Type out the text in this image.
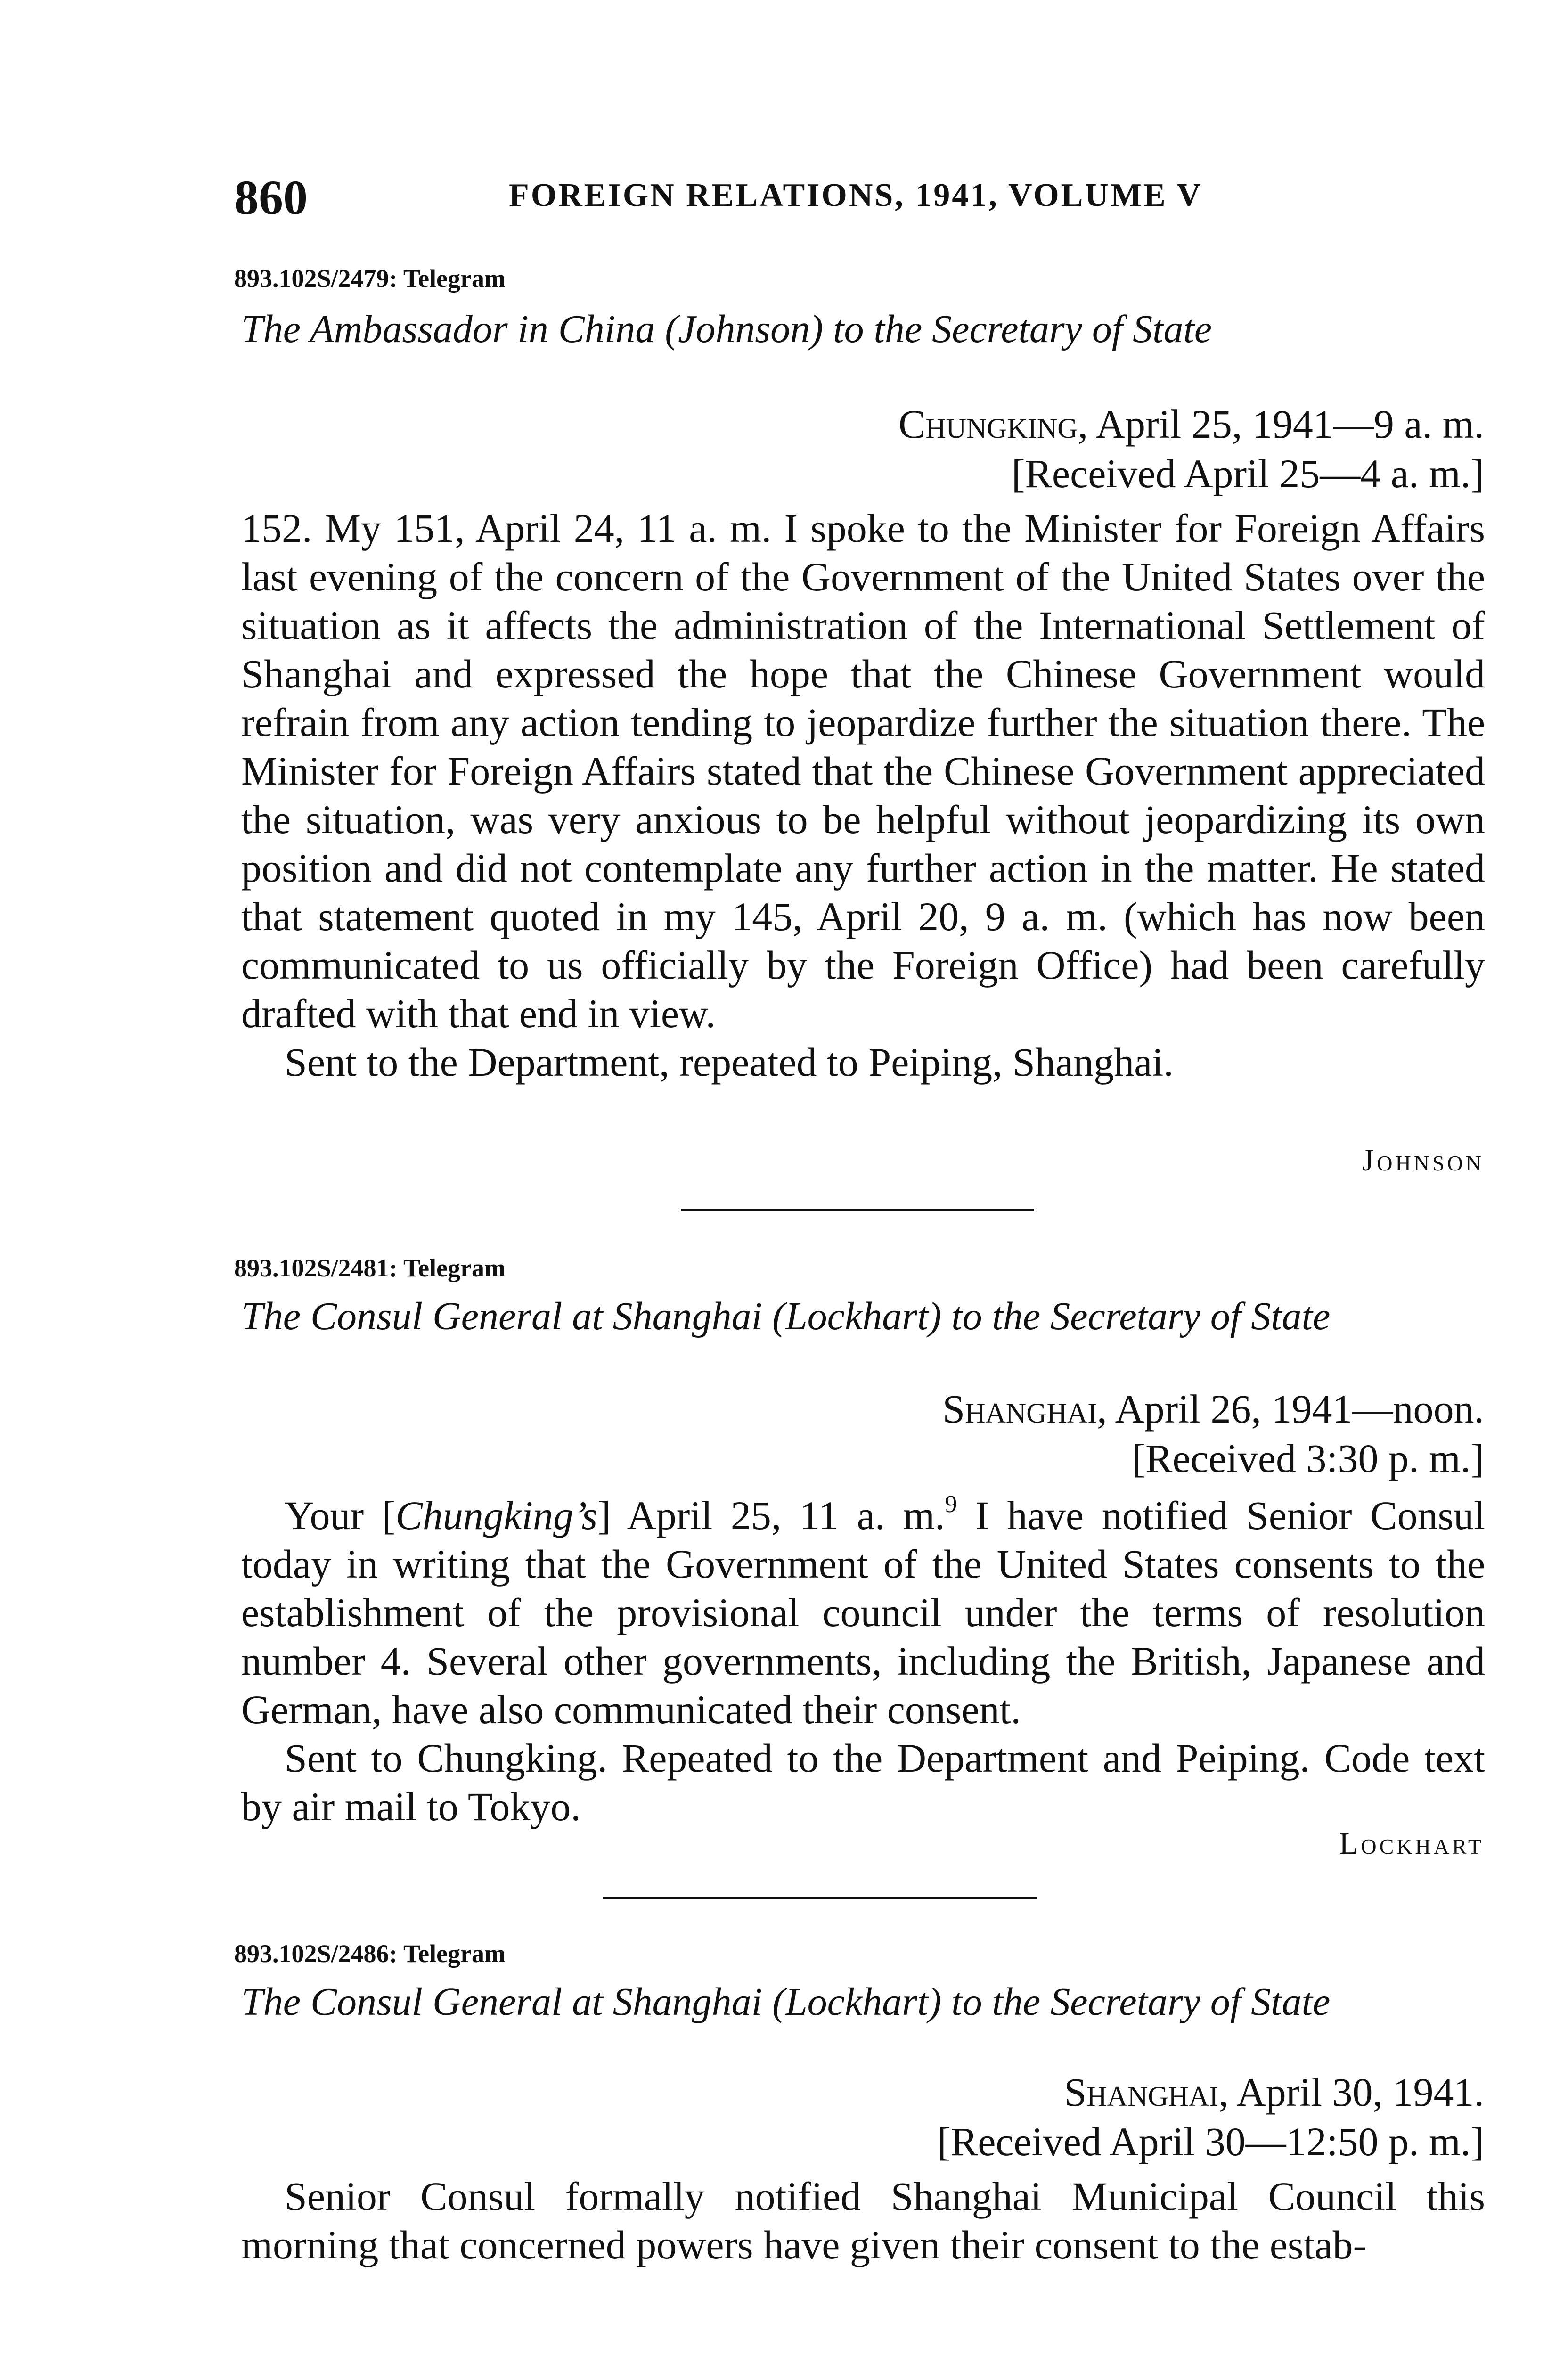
860	FOREIGN RELATIONS, 1941, VOLUME V
893.102S/2479: Telegram
The Ambassador in China (Johnson) to the Secretary of State
Chungking, April 25, 1941—9 a. m.
[Received April 25—4 a. m.]

152. My 151, April 24, 11 a. m. I spoke to the Minister for Foreign Affairs last evening of the concern of the Government of the United States over the situation as it affects the administration of the International Settlement of Shanghai and expressed the hope that the Chinese Government would refrain from any action tending to jeopardize further the situation there. The Minister for Foreign Affairs stated that the Chinese Government appreciated the situation, was very anxious to be helpful without jeopardizing its own position and did not contemplate any further action in the matter. He stated that statement quoted in my 145, April 20, 9 a. m. (which has now been communicated to us officially by the Foreign Office) had been carefully drafted with that end in view.

Sent to the Department, repeated to Peiping, Shanghai.

Johnson
893.102S/2481: Telegram
The Consul General at Shanghai (Lockhart) to the Secretary of State
Shanghai, April 26, 1941—noon.
[Received 3:30 p. m.]

Your [Chungking’s] April 25, 11 a. m.$^9$ I have notified Senior Consul today in writing that the Government of the United States consents to the establishment of the provisional council under the terms of resolution number 4. Several other governments, including the British, Japanese and German, have also communicated their consent.

Sent to Chungking. Repeated to the Department and Peiping. Code text by air mail to Tokyo.

Lockhart
893.102S/2486: Telegram
The Consul General at Shanghai (Lockhart) to the Secretary of State
Shanghai, April 30, 1941.
[Received April 30—12:50 p. m.]

Senior Consul formally notified Shanghai Municipal Council this morning that concerned powers have given their consent to the estab-
